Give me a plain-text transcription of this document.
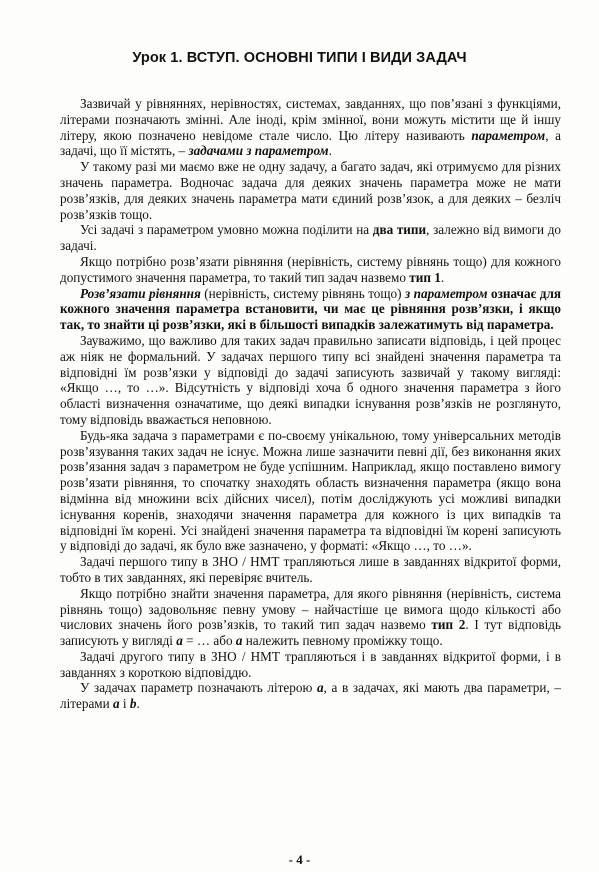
Урок 1. ВСТУП. ОСНОВНІ ТИПИ І ВИДИ ЗАДАЧ

Зазвичай у рівняннях, нерівностях, системах, завданнях, що пов’язані з функціями, літерами позначають змінні. Але іноді, крім змінної, вони можуть містити ще й іншу літеру, якою позначено невідоме стале число. Цю літеру називають параметром, а задачі, що її містять, – задачами з параметром.

У такому разі ми маємо вже не одну задачу, а багато задач, які отримуємо для різних значень параметра. Водночас задача для деяких значень параметра може не мати розв’язків, для деяких значень параметра мати єдиний розв’язок, а для деяких – безліч розв’язків тощо.

Усі задачі з параметром умовно можна поділити на два типи, залежно від вимоги до задачі.

Якщо потрібно розв’язати рівняння (нерівність, систему рівнянь тощо) для кожного допустимого значення параметра, то такий тип задач назвемо тип 1.

Розв’язати рівняння (нерівність, систему рівнянь тощо) з параметром означає для кожного значення параметра встановити, чи має це рівняння розв’язки, і якщо так, то знайти ці розв’язки, які в більшості випадків залежатимуть від параметра.

Зауважимо, що важливо для таких задач правильно записати відповідь, і цей процес аж ніяк не формальний. У задачах першого типу всі знайдені значення параметра та відповідні їм розв’язки у відповіді до задачі записують зазвичай у такому вигляді: «Якщо …, то …». Відсутність у відповіді хоча б одного значення параметра з його області визначення означатиме, що деякі випадки існування розв’язків не розглянуто, тому відповідь вважається неповною.

Будь-яка задача з параметрами є по-своєму унікальною, тому універсальних методів розв’язування таких задач не існує. Можна лише зазначити певні дії, без виконання яких розв’язання задач з параметром не буде успішним. Наприклад, якщо поставлено вимогу розв’язати рівняння, то спочатку знаходять область визначення параметра (якщо вона відмінна від множини всіх дійсних чисел), потім досліджують усі можливі випадки існування коренів, знаходячи значення параметра для кожного із цих випадків та відповідні їм корені. Усі знайдені значення параметра та відповідні їм корені записують у відповіді до задачі, як було вже зазначено, у форматі: «Якщо …, то …».

Задачі першого типу в ЗНО / НМТ трапляються лише в завданнях відкритої форми, тобто в тих завданнях, які перевіряє вчитель.

Якщо потрібно знайти значення параметра, для якого рівняння (нерівність, система рівнянь тощо) задовольняє певну умову – найчастіше це вимога щодо кількості або числових значень його розв’язків, то такий тип задач назвемо тип 2. І тут відповідь записують у вигляді a = … або a належить певному проміжку тощо.

Задачі другого типу в ЗНО / НМТ трапляються і в завданнях відкритої форми, і в завданнях з короткою відповіддю.

У задачах параметр позначають літерою a, а в задачах, які мають два параметри, – літерами a і b.

- 4 -
